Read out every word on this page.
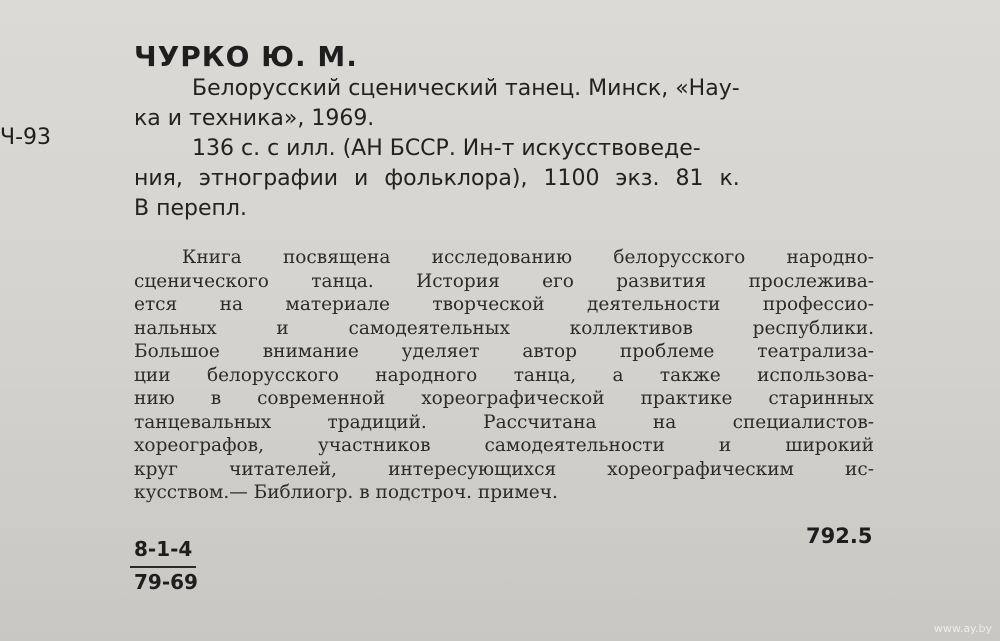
ЧУРКО Ю. М.
Ч-93
Белорусский сценический танец. Минск, «Нау-
ка и техника», 1969.
136 с. с илл. (АН БССР. Ин-т искусствоведе-
ния, этнографии и фольклора), 1100 экз. 81 к.
В перепл.
Книга посвящена исследованию белорусского народно-
сценического танца. История его развития прослеживa-
ется на материале творческой деятельности профессио-
нальных и самодеятельных коллективов республики.
Большое внимание уделяет автор проблеме театрализа-
ции белорусского народного танца, а также использова-
нию в современной хореографической практике старинных
танцевальных традиций. Рассчитана на специалистов-
хореографов, участников самодеятельности и широкий
круг читателей, интересующихся хореографическим ис-
кусством.— Библиогр. в подстроч. примеч.
8-1-4
79-69
792.5
www.ay.by
